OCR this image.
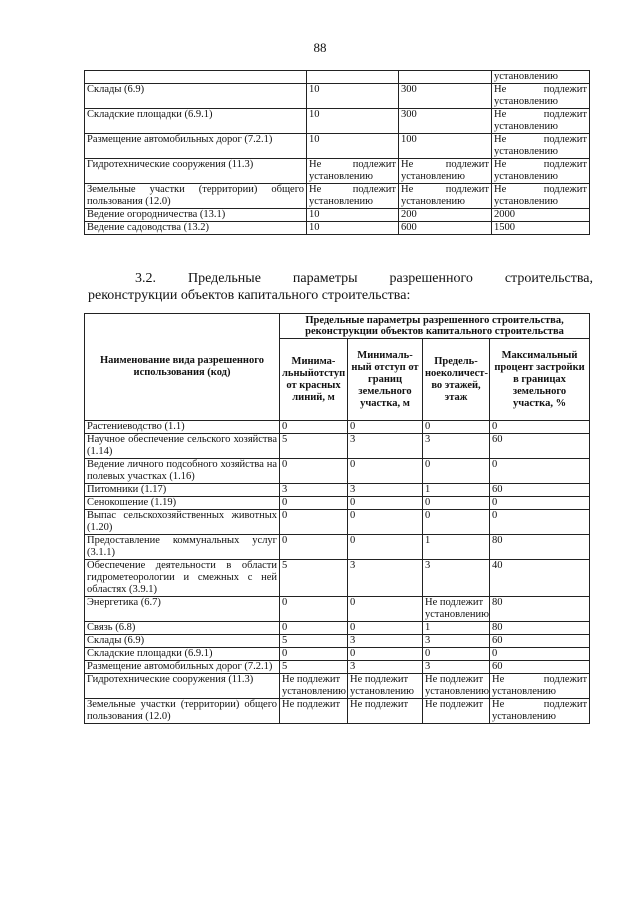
88
			установлению
Склады (6.9)	10	300	Не подлежит установлению
Складские площадки (6.9.1)	10	300	Не подлежит установлению
Размещение автомобильных дорог (7.2.1)	10	100	Не подлежит установлению
Гидротехнические сооружения (11.3)	Не подлежит установлению	Не подлежит установлению	Не подлежит установлению
Земельные участки (территории) общего пользования (12.0)	Не подлежит установлению	Не подлежит установлению	Не подлежит установлению
Ведение огородничества (13.1)	10	200	2000
Ведение садоводства (13.2)	10	600	1500
3.2. Предельные параметры разрешенного строительства,
реконструкции объектов капитального строительства:
Наименование вида разрешенного использования (код)	Предельные параметры разрешенного строительства, реконструкции объектов капитального строительства			
	Минима-льныйотступ от красных линий, м	Минималь-ный отступ от границ земельного участка, м	Предель-ноеколичест-во этажей, этаж	Максимальный процент застройки в границах земельного участка, %
Растениеводство (1.1)	0	0	0	0
Научное обеспечение сельского хозяйства (1.14)	5	3	3	60
Ведение личного подсобного хозяйства на полевых участках (1.16)	0	0	0	0
Питомники (1.17)	3	3	1	60
Сенокошение (1.19)	0	0	0	0
Выпас сельскохозяйственных животных (1.20)	0	0	0	0
Предоставление коммунальных услуг (3.1.1)	0	0	1	80
Обеспечение деятельности в области гидрометеорологии и смежных с ней областях (3.9.1)	5	3	3	40
Энергетика (6.7)	0	0	Не подлежит установлению	80
Связь (6.8)	0	0	1	80
Склады (6.9)	5	3	3	60
Складские площадки (6.9.1)	0	0	0	0
Размещение автомобильных дорог (7.2.1)	5	3	3	60
Гидротехнические сооружения (11.3)	Не подлежит установлению	Не подлежит установлению	Не подлежит установлению	Не подлежит установлению
Земельные участки (территории) общего пользования (12.0)	Не подлежит	Не подлежит	Не подлежит	Не подлежит установлению
